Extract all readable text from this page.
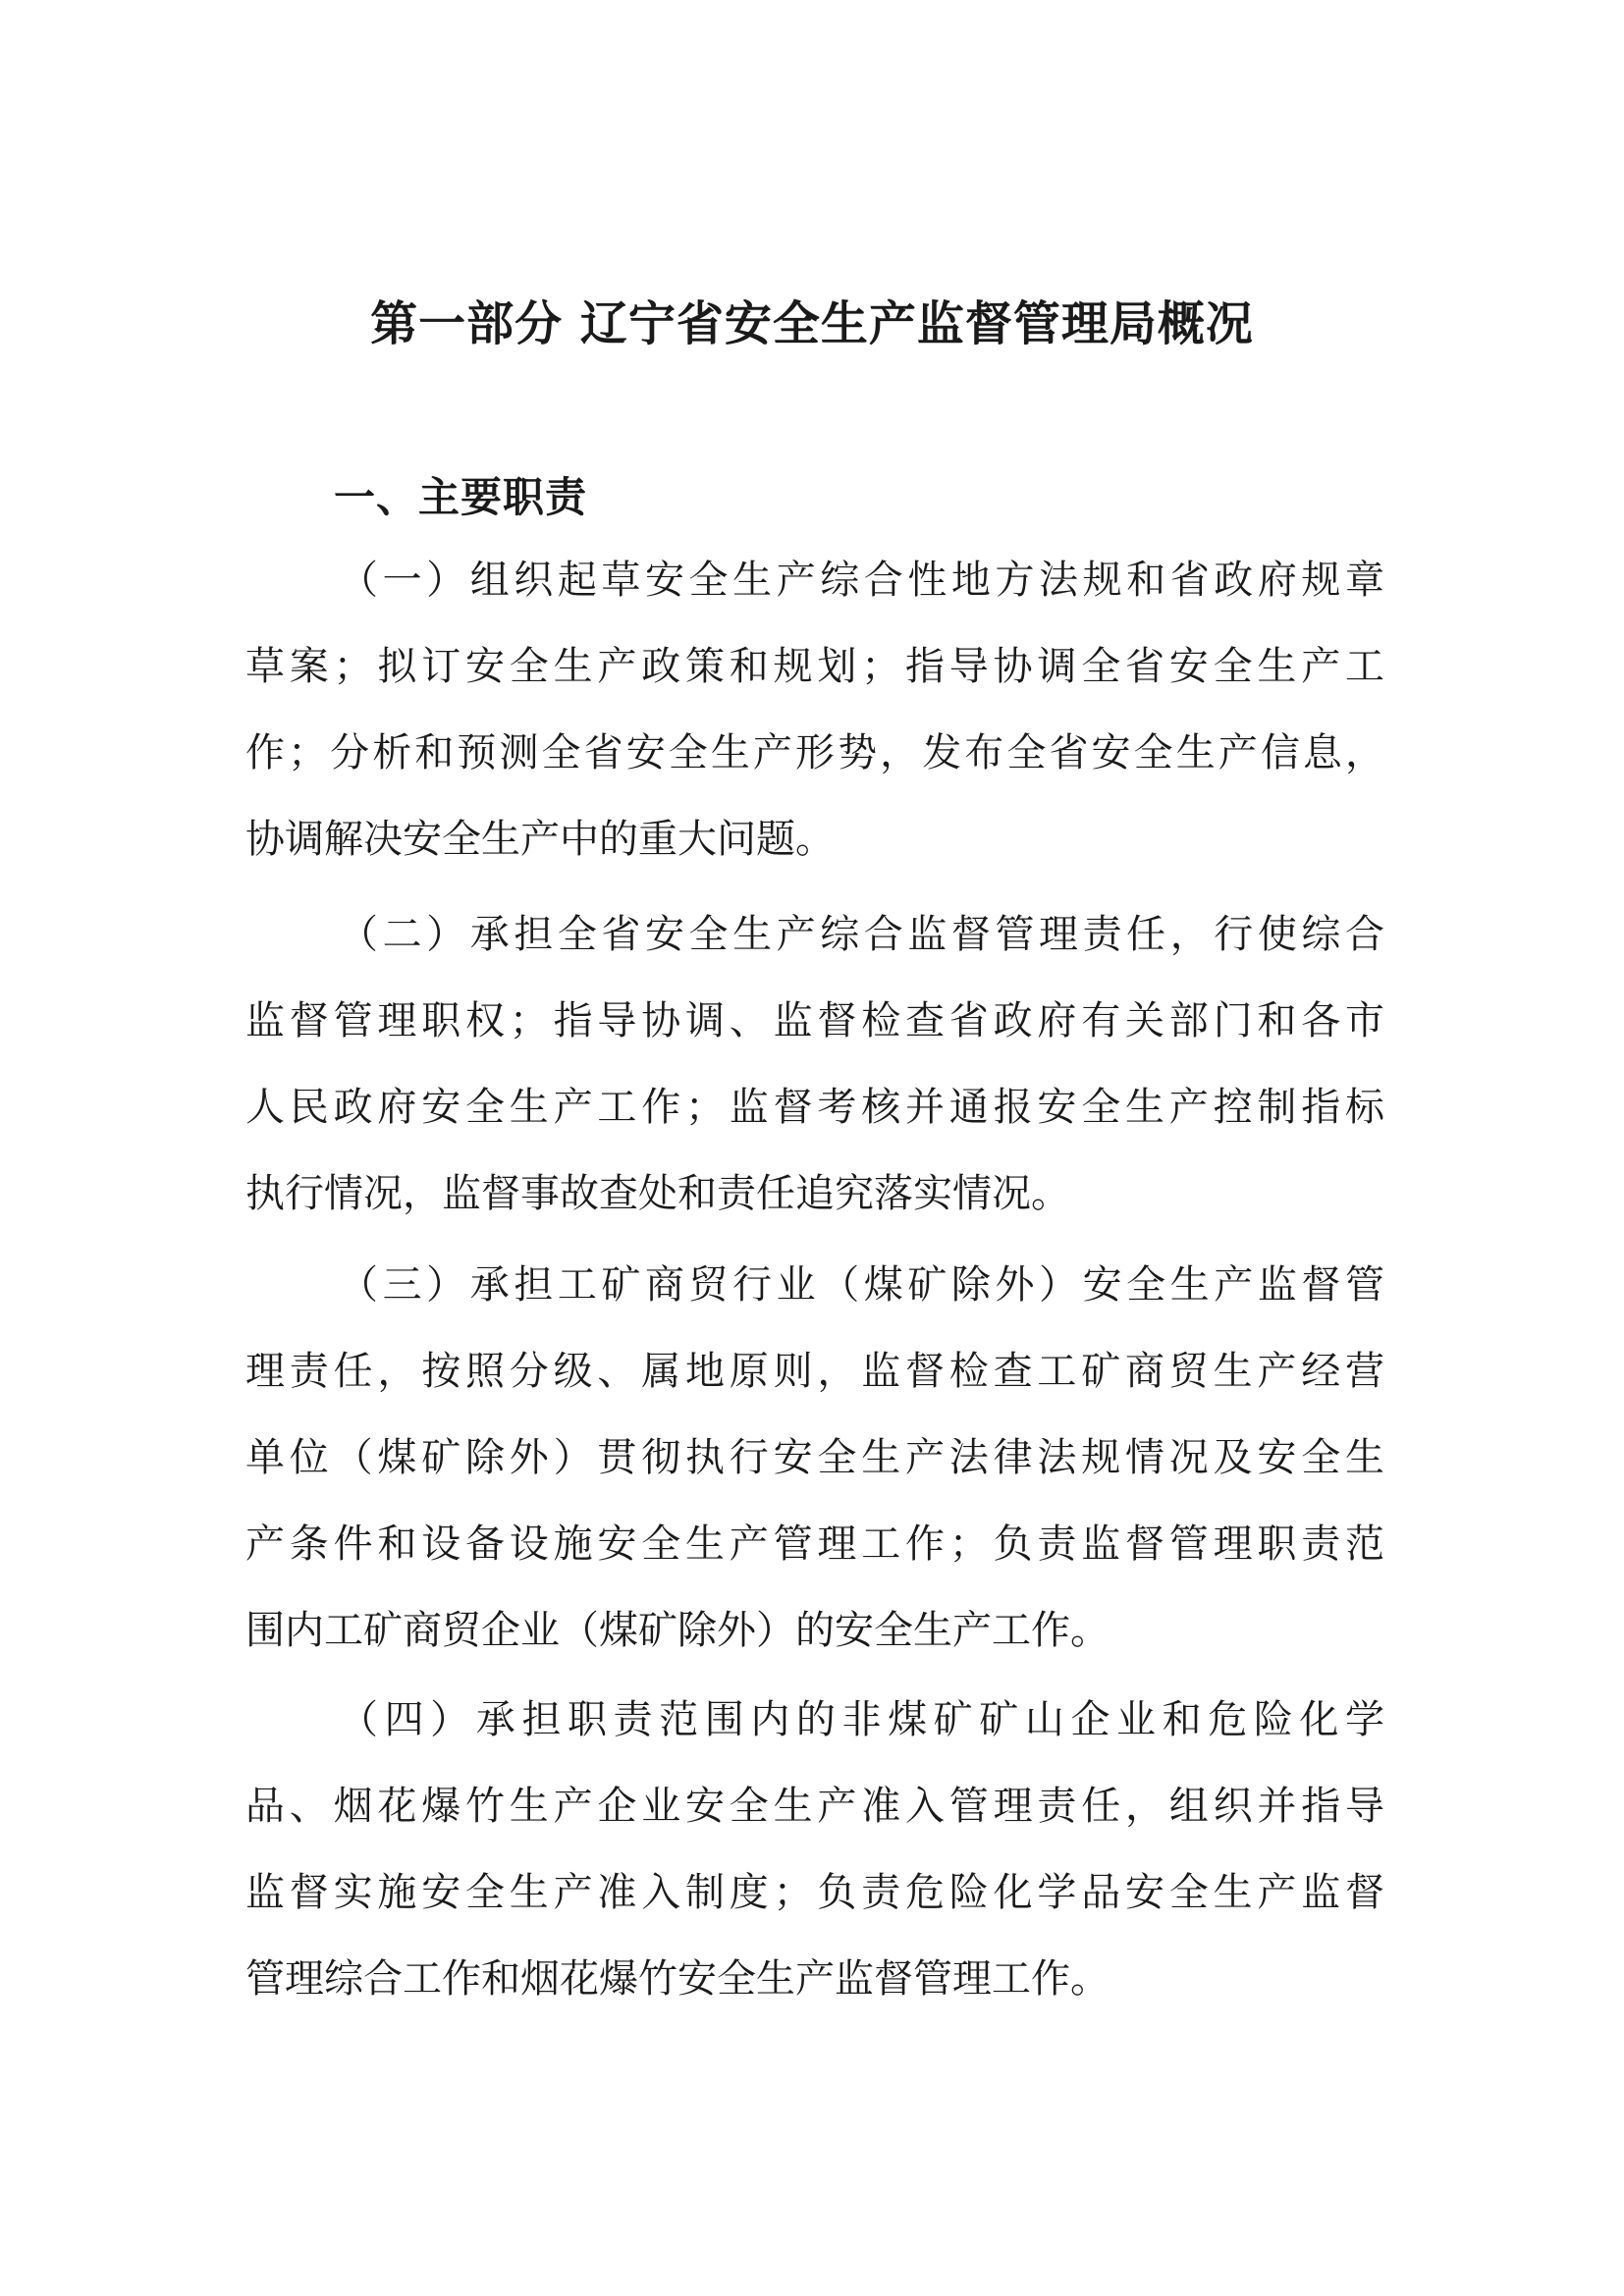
第一部分 辽宁省安全生产监督管理局概况
一、主要职责
（一）组织起草安全生产综合性地方法规和省政府规章
草案；拟订安全生产政策和规划；指导协调全省安全生产工
作；分析和预测全省安全生产形势，发布全省安全生产信息，
协调解决安全生产中的重大问题。
（二）承担全省安全生产综合监督管理责任，行使综合
监督管理职权；指导协调、监督检查省政府有关部门和各市
人民政府安全生产工作；监督考核并通报安全生产控制指标
执行情况，监督事故查处和责任追究落实情况。
（三）承担工矿商贸行业（煤矿除外）安全生产监督管
理责任，按照分级、属地原则，监督检查工矿商贸生产经营
单位（煤矿除外）贯彻执行安全生产法律法规情况及安全生
产条件和设备设施安全生产管理工作；负责监督管理职责范
围内工矿商贸企业（煤矿除外）的安全生产工作。
（四）承担职责范围内的非煤矿矿山企业和危险化学
品、烟花爆竹生产企业安全生产准入管理责任，组织并指导
监督实施安全生产准入制度；负责危险化学品安全生产监督
管理综合工作和烟花爆竹安全生产监督管理工作。
